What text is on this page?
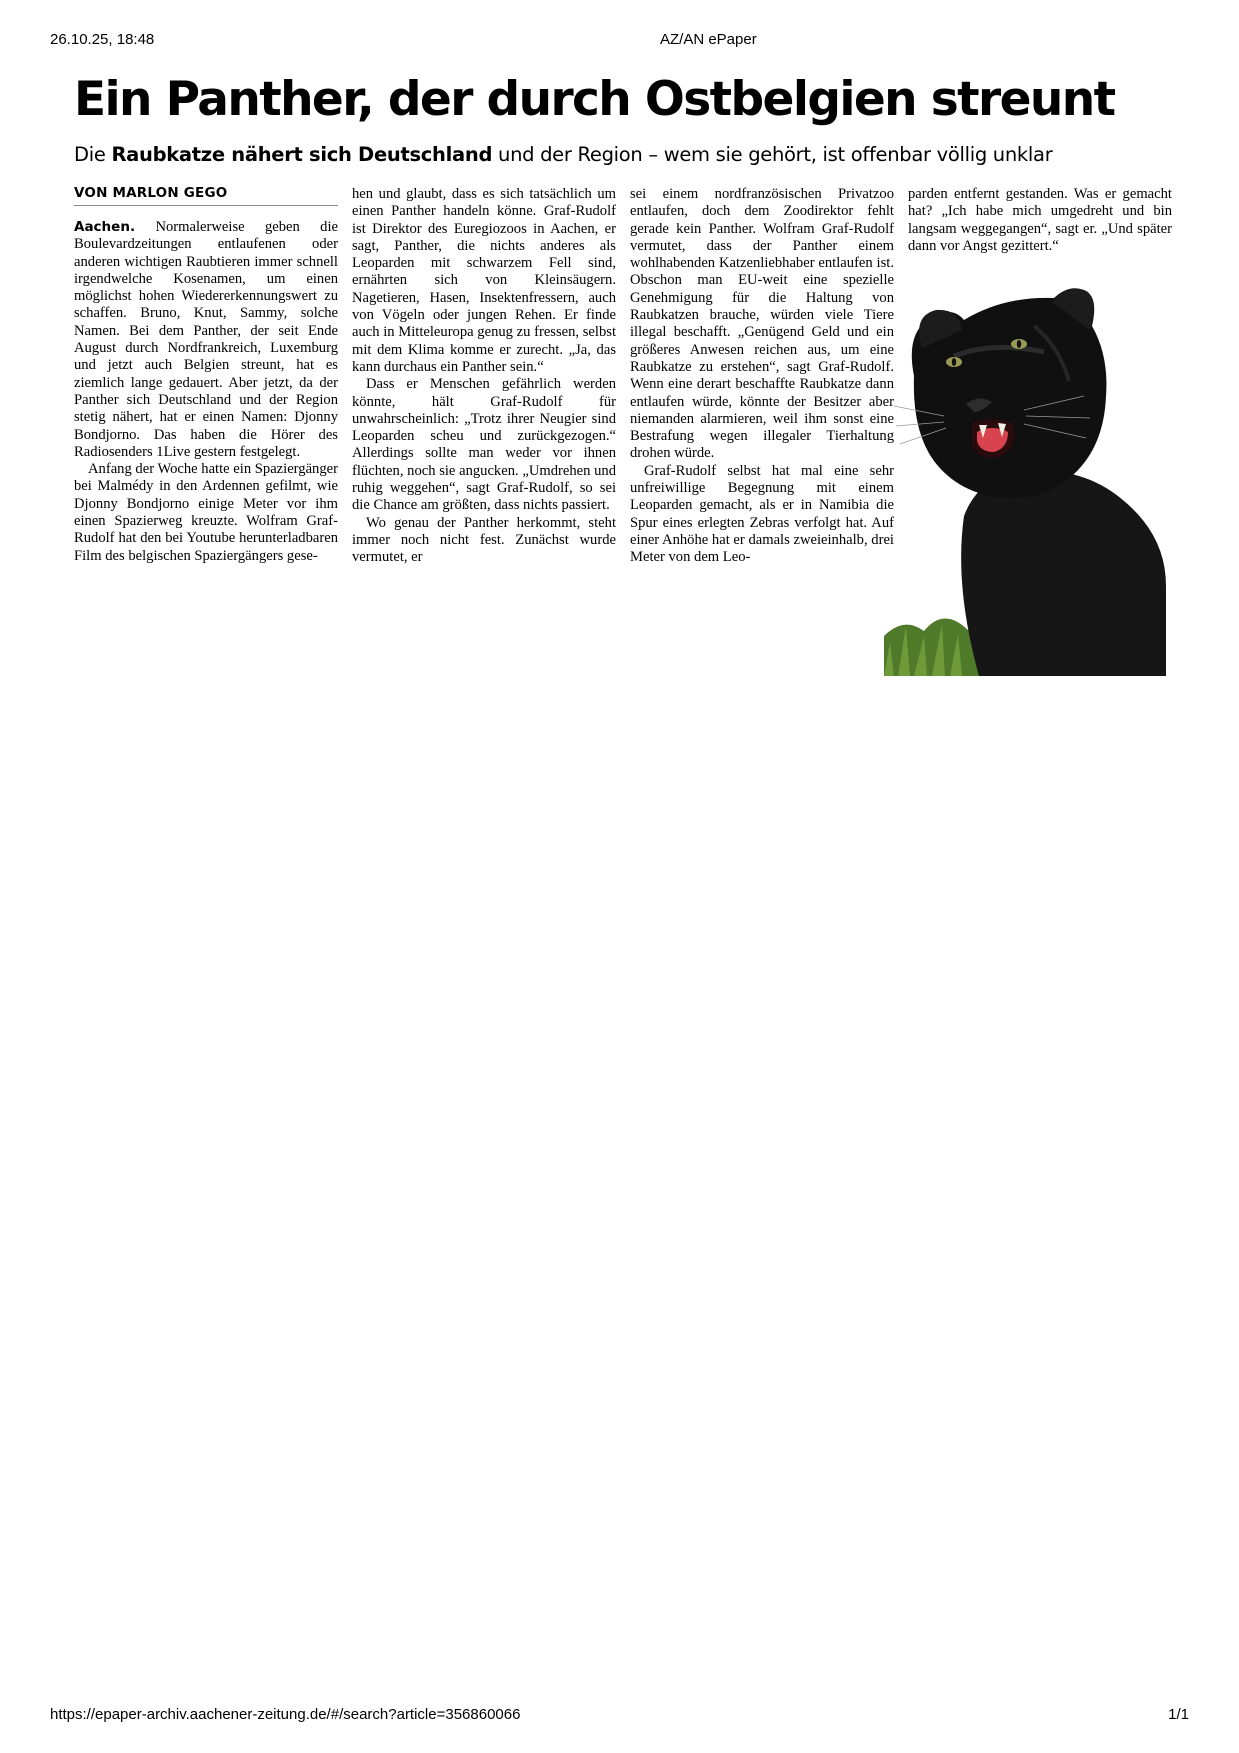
26.10.25, 18:48	AZ/AN ePaper
Ein Panther, der durch Ostbelgien streunt

Die Raubkatze nähert sich Deutschland und der Region – wem sie gehört, ist offenbar völlig unklar

VON MARLON GEGO

Aachen. Normalerweise geben die Boulevardzeitungen entlaufenen oder anderen wichtigen Raubtieren immer schnell irgendwelche Kosenamen, um einen möglichst hohen Wiedererkennungswert zu schaffen. Bruno, Knut, Sammy, solche Namen. Bei dem Panther, der seit Ende August durch Nordfrankreich, Luxemburg und jetzt auch Belgien streunt, hat es ziemlich lange gedauert. Aber jetzt, da der Panther sich Deutschland und der Region stetig nähert, hat er einen Namen: Djonny Bondjorno. Das haben die Hörer des Radiosenders 1Live gestern festgelegt.

Anfang der Woche hatte ein Spaziergänger bei Malmédy in den Ardennen gefilmt, wie Djonny Bondjorno einige Meter vor ihm einen Spazierweg kreuzte. Wolfram Graf-Rudolf hat den bei Youtube herunterladbaren Film des belgischen Spaziergängers gese-

hen und glaubt, dass es sich tatsächlich um einen Panther handeln könne. Graf-Rudolf ist Direktor des Euregiozoos in Aachen, er sagt, Panther, die nichts anderes als Leoparden mit schwarzem Fell sind, ernährten sich von Kleinsäugern. Nagetieren, Hasen, Insektenfressern, auch von Vögeln oder jungen Rehen. Er finde auch in Mitteleuropa genug zu fressen, selbst mit dem Klima komme er zurecht. „Ja, das kann durchaus ein Panther sein.“

Dass er Menschen gefährlich werden könnte, hält Graf-Rudolf für unwahrscheinlich: „Trotz ihrer Neugier sind Leoparden scheu und zurückgezogen.“ Allerdings sollte man weder vor ihnen flüchten, noch sie angucken. „Umdrehen und ruhig weggehen“, sagt Graf-Rudolf, so sei die Chance am größten, dass nichts passiert.

Wo genau der Panther herkommt, steht immer noch nicht fest. Zunächst wurde vermutet, er

sei einem nordfranzösischen Privatzoo entlaufen, doch dem Zoodirektor fehlt gerade kein Panther. Wolfram Graf-Rudolf vermutet, dass der Panther einem wohlhabenden Katzenliebhaber entlaufen ist. Obschon man EU-weit eine spezielle Genehmigung für die Haltung von Raubkatzen brauche, würden viele Tiere illegal beschafft. „Genügend Geld und ein größeres Anwesen reichen aus, um eine Raubkatze zu erstehen“, sagt Graf-Rudolf. Wenn eine derart beschaffte Raubkatze dann entlaufen würde, könnte der Besitzer aber niemanden alarmieren, weil ihm sonst eine Bestrafung wegen illegaler Tierhaltung drohen würde.

Graf-Rudolf selbst hat mal eine sehr unfreiwillige Begegnung mit einem Leoparden gemacht, als er in Namibia die Spur eines erlegten Zebras verfolgt hat. Auf einer Anhöhe hat er damals zweieinhalb, drei Meter von dem Leo-

parden entfernt gestanden. Was er gemacht hat? „Ich habe mich umgedreht und bin langsam weggegangen“, sagt er. „Und später dann vor Angst gezittert.“

https://epaper-archiv.aachener-zeitung.de/#/search?article=356860066	1/1
